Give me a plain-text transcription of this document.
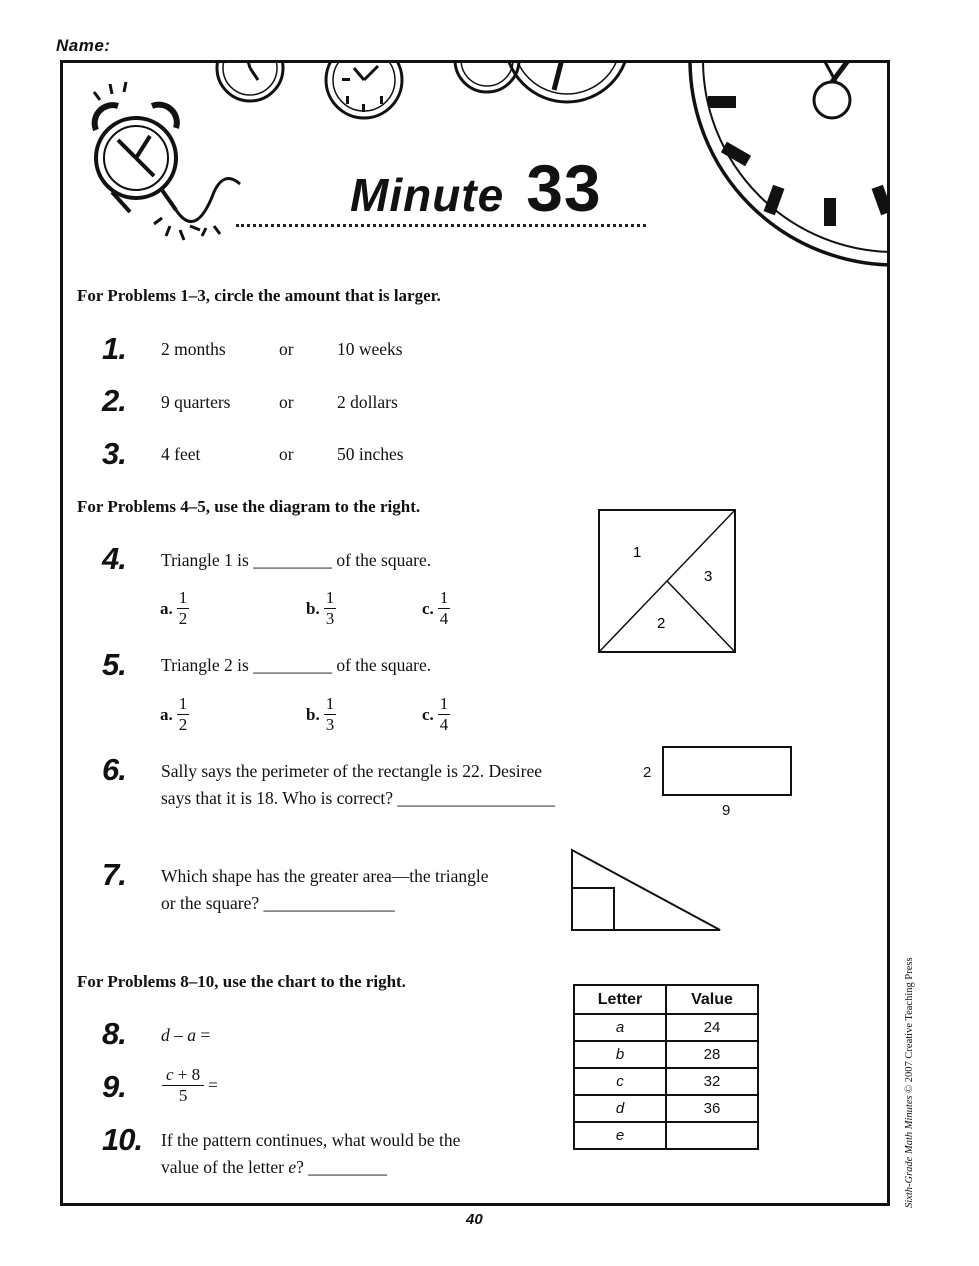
Name:
Minute 33
For Problems 1–3, circle the amount that is larger.
1.	2 months	or 10 weeks
2.	9 quarters	or 2 dollars
3.	4 feet	or 50 inches
For Problems 4–5, use the diagram to the right.
4.	Triangle 1 is _________ of the square.
a. $\frac{1}{2}$	b. $\frac{1}{3}$	c. $\frac{1}{4}$
5.	Triangle 2 is _________ of the square.
a. $\frac{1}{2}$	b. $\frac{1}{3}$	c. $\frac{1}{4}$
1
3
2
6.	Sally says the perimeter of the rectangle is 22. Desiree
says that it is 18. Who is correct? __________________
2
9
7.	Which shape has the greater area—the triangle
or the square? _______________
For Problems 8–10, use the chart to the right.
8.	d – a =
9.	$\frac{c + 8}{5}$ =
10.	If the pattern continues, what would be the
value of the letter e? _________
Letter	Value
a	24
b	28
c	32
d	36
e		Sixth-Grade Math Minutes © 2007 Creative Teaching Press
40
